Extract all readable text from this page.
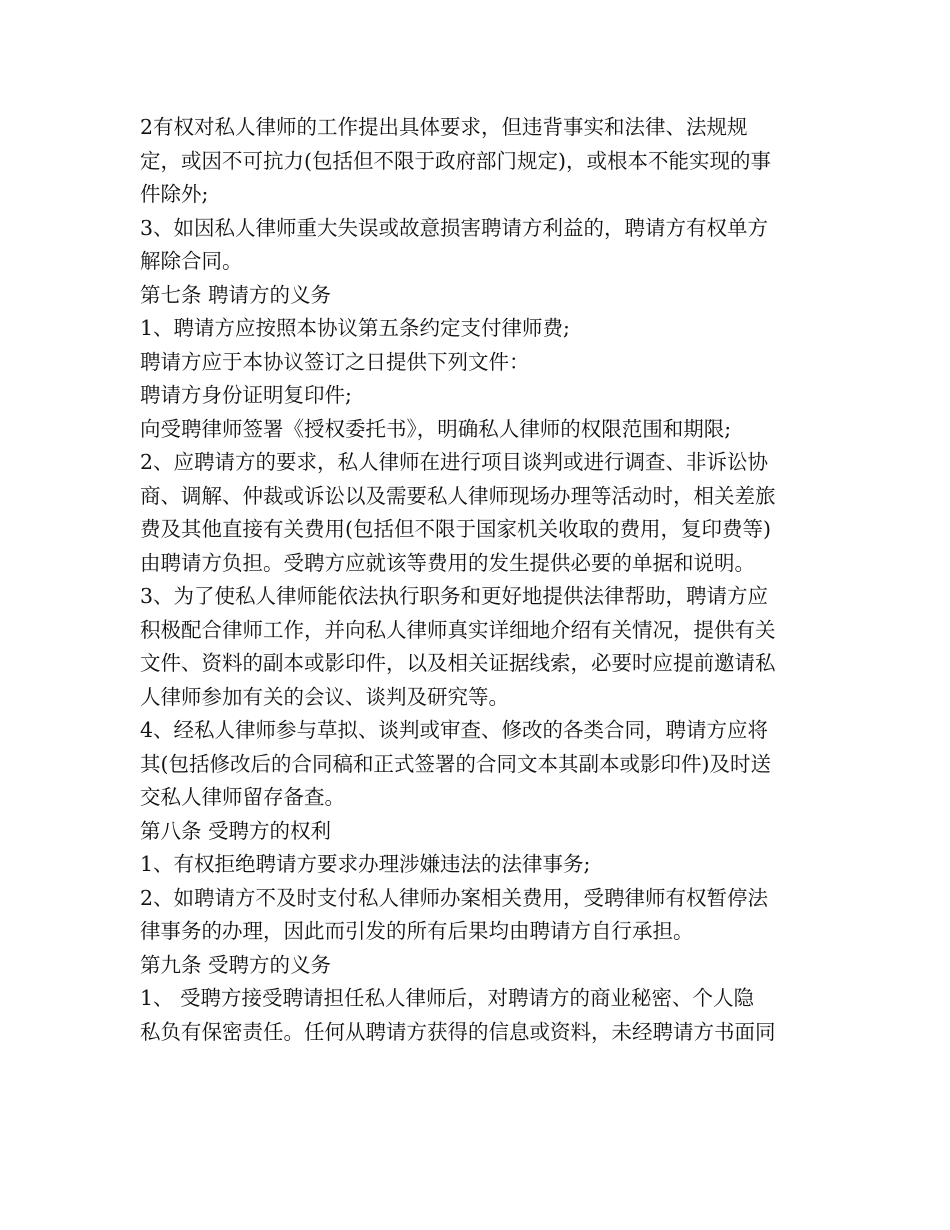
2有权对私人律师的工作提出具体要求，但违背事实和法律、法规规
定，或因不可抗力(包括但不限于政府部门规定)，或根本不能实现的事
件除外;
3、如因私人律师重大失误或故意损害聘请方利益的，聘请方有权单方
解除合同。
第七条 聘请方的义务
1、聘请方应按照本协议第五条约定支付律师费;
聘请方应于本协议签订之日提供下列文件：
聘请方身份证明复印件;
向受聘律师签署《授权委托书》，明确私人律师的权限范围和期限;
2、应聘请方的要求，私人律师在进行项目谈判或进行调查、非诉讼协
商、调解、仲裁或诉讼以及需要私人律师现场办理等活动时，相关差旅
费及其他直接有关费用(包括但不限于国家机关收取的费用，复印费等)
由聘请方负担。受聘方应就该等费用的发生提供必要的单据和说明。
3、为了使私人律师能依法执行职务和更好地提供法律帮助，聘请方应
积极配合律师工作，并向私人律师真实详细地介绍有关情况，提供有关
文件、资料的副本或影印件，以及相关证据线索，必要时应提前邀请私
人律师参加有关的会议、谈判及研究等。
4、经私人律师参与草拟、谈判或审查、修改的各类合同，聘请方应将
其(包括修改后的合同稿和正式签署的合同文本其副本或影印件)及时送
交私人律师留存备查。
第八条 受聘方的权利
1、有权拒绝聘请方要求办理涉嫌违法的法律事务;
2、如聘请方不及时支付私人律师办案相关费用，受聘律师有权暂停法
律事务的办理，因此而引发的所有后果均由聘请方自行承担。
第九条 受聘方的义务
1、 受聘方接受聘请担任私人律师后，对聘请方的商业秘密、个人隐
私负有保密责任。任何从聘请方获得的信息或资料，未经聘请方书面同
